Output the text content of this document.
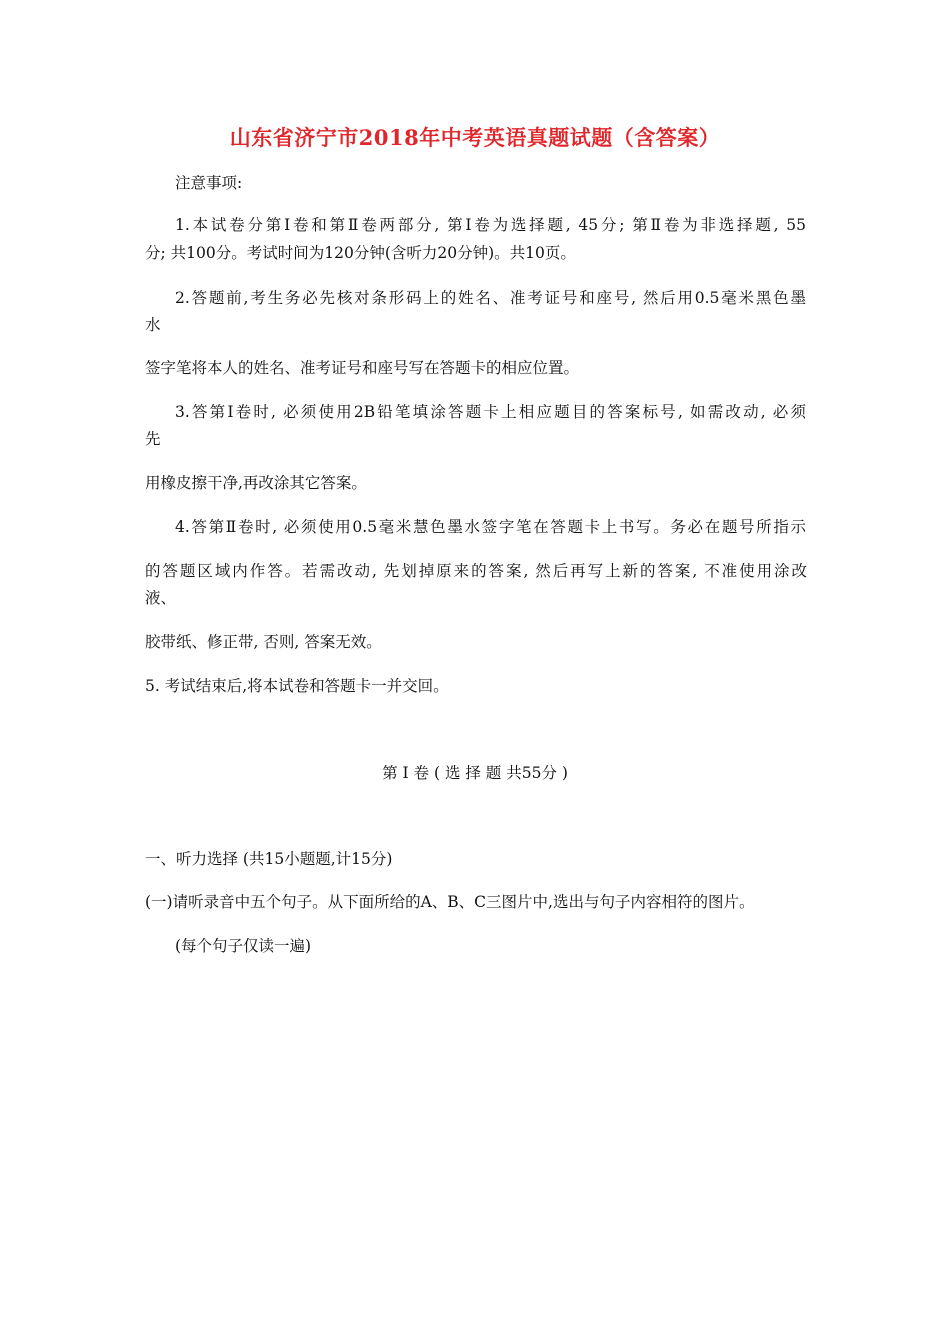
山东省济宁市2018年中考英语真题试题（含答案）
注意事项:
1.本试卷分第Ⅰ卷和第Ⅱ卷两部分, 第Ⅰ卷为选择题, 45分; 第Ⅱ卷为非选择题, 55
分; 共100分。考试时间为120分钟(含听力20分钟)。共10页。
2.答题前,考生务必先核对条形码上的姓名、准考证号和座号, 然后用0.5毫米黑色墨
水
签字笔将本人的姓名、准考证号和座号写在答题卡的相应位置。
3.答第Ⅰ卷时, 必须使用2B铅笔填涂答题卡上相应题目的答案标号, 如需改动, 必须
先
用橡皮擦干净,再改涂其它答案。
4.答第Ⅱ卷时, 必须使用0.5毫米慧色墨水签字笔在答题卡上书写。务必在题号所指示
的答题区域内作答。若需改动, 先划掉原来的答案, 然后再写上新的答案, 不准使用涂改
液、
胶带纸、修正带, 否则, 答案无效。
5. 考试结束后,将本试卷和答题卡一并交回。
第 Ⅰ 卷 ( 选 择 题 共55分 )
一、听力选择 (共15小题题,计15分)
(一)请听录音中五个句子。从下面所给的A、B、C三图片中,选出与句子内容相符的图片。
(每个句子仅读一遍)
